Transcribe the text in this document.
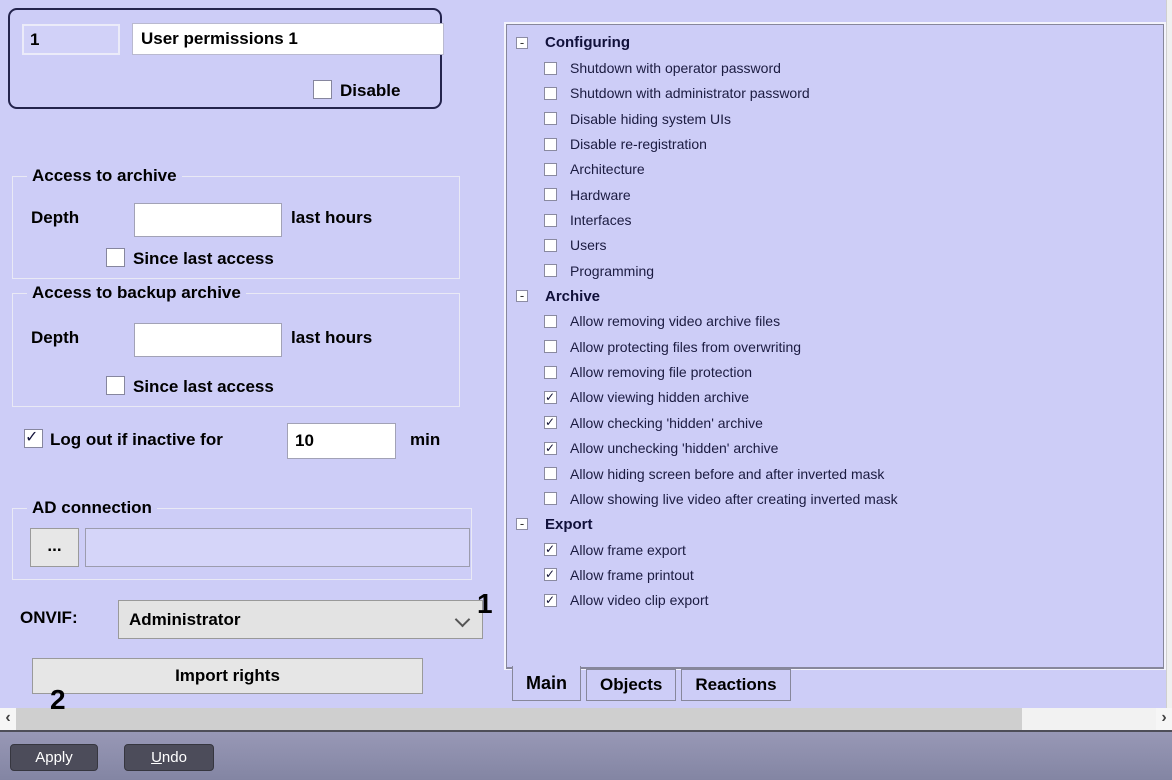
1	User permissions 1
Disable
Access to archive
Depth	last hours
Since last access
Access to backup archive
Depth	last hours
Since last access
✓ Log out if inactive for	10	min
AD connection
...
ONVIF:	Administrator
1
Import rights
- Configuring
Shutdown with operator password
Shutdown with administrator password
Disable hiding system UIs
Disable re-registration
Architecture
Hardware
Interfaces
Users
Programming
- Archive
Allow removing video archive files
Allow protecting files from overwriting
Allow removing file protection
✓ Allow viewing hidden archive
✓ Allow checking 'hidden' archive
✓ Allow unchecking 'hidden' archive
Allow hiding screen before and after inverted mask
Allow showing live video after creating inverted mask
- Export
✓ Allow frame export
✓ Allow frame printout
✓ Allow video clip export
Main	Objects	Reactions
‹	›
2
Apply	Undo
